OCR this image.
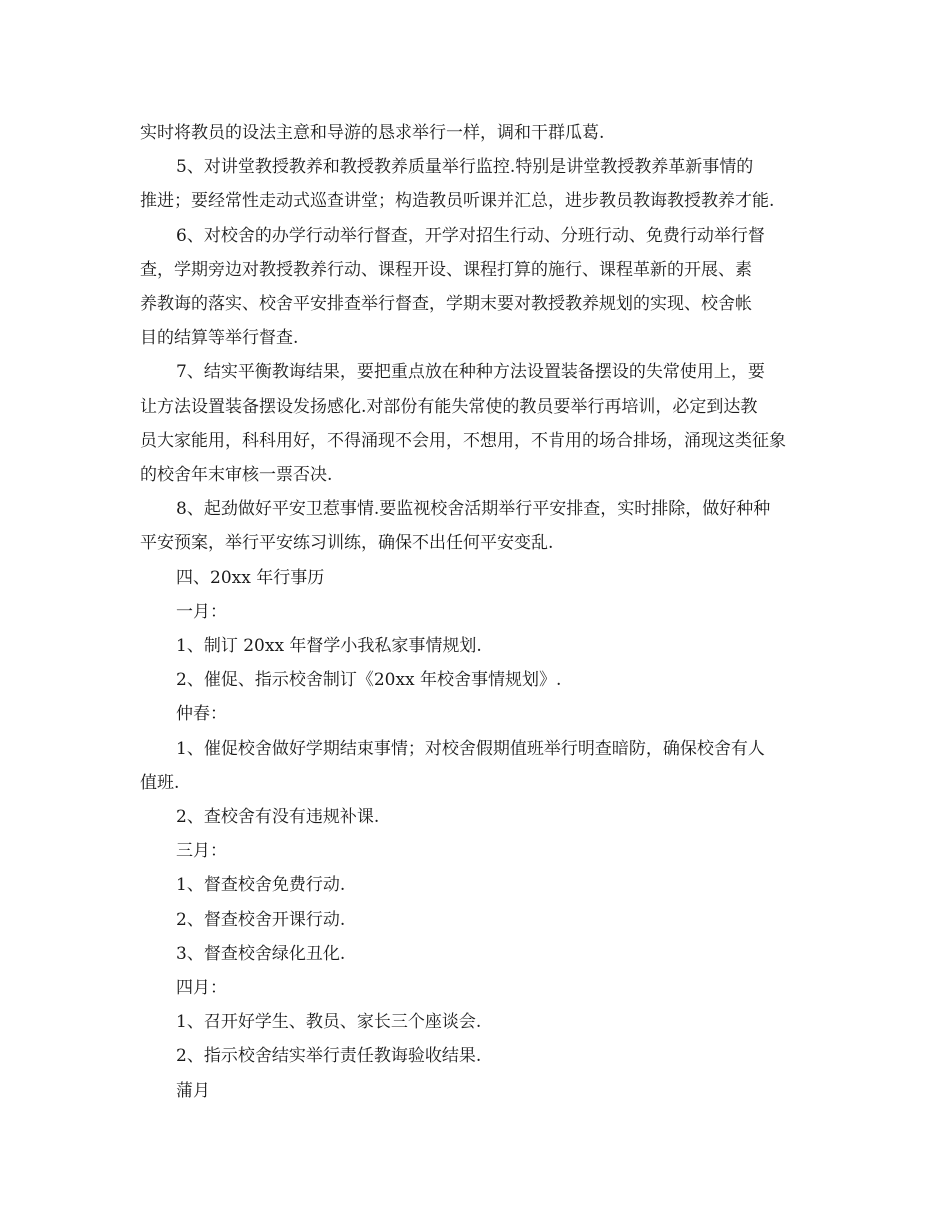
实时将教员的设法主意和导游的恳求举行一样，调和干群瓜葛.
5、对讲堂教授教养和教授教养质量举行监控.特别是讲堂教授教养革新事情的
推进；要经常性走动式巡查讲堂；构造教员听课并汇总，进步教员教诲教授教养才能.
6、对校舍的办学行动举行督查，开学对招生行动、分班行动、免费行动举行督
查，学期旁边对教授教养行动、课程开设、课程打算的施行、课程革新的开展、素
养教诲的落实、校舍平安排查举行督查，学期末要对教授教养规划的实现、校舍帐
目的结算等举行督查.
7、结实平衡教诲结果，要把重点放在种种方法设置装备摆设的失常使用上，要
让方法设置装备摆设发扬感化.对部份有能失常使的教员要举行再培训，必定到达教
员大家能用，科科用好，不得涌现不会用，不想用，不肯用的场合排场，涌现这类征象
的校舍年末审核一票否决.
8、起劲做好平安卫惹事情.要监视校舍活期举行平安排查，实时排除，做好种种
平安预案，举行平安练习训练，确保不出任何平安变乱.
四、20xx 年行事历
一月：
1、制订 20xx 年督学小我私家事情规划.
2、催促、指示校舍制订《20xx 年校舍事情规划》.
仲春：
1、催促校舍做好学期结束事情；对校舍假期值班举行明查暗防，确保校舍有人
值班.
2、查校舍有没有违规补课.
三月：
1、督查校舍免费行动.
2、督查校舍开课行动.
3、督查校舍绿化丑化.
四月：
1、召开好学生、教员、家长三个座谈会.
2、指示校舍结实举行责任教诲验收结果.
蒲月
